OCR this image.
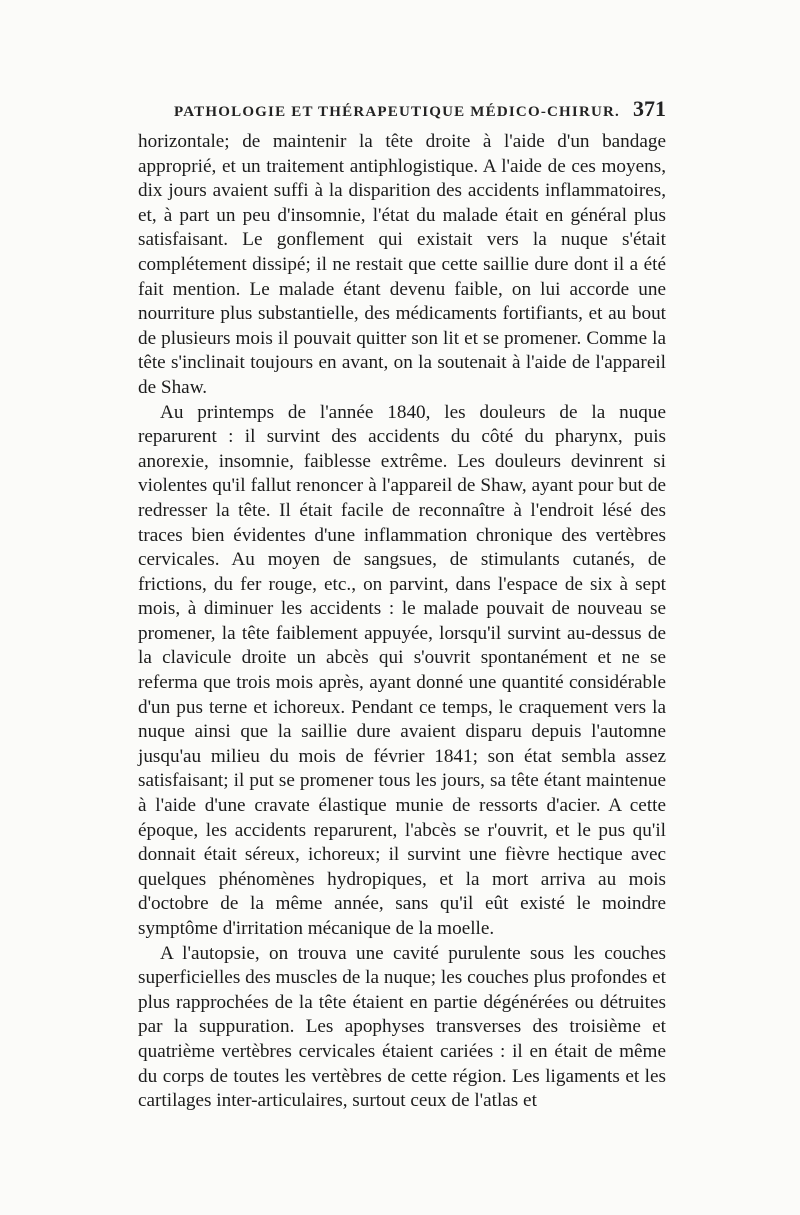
PATHOLOGIE ET THÉRAPEUTIQUE MÉDICO-CHIRUR. 371

horizontale; de maintenir la tête droite à l'aide d'un bandage approprié, et un traitement antiphlogistique. A l'aide de ces moyens, dix jours avaient suffi à la disparition des accidents inflammatoires, et, à part un peu d'insomnie, l'état du malade était en général plus satisfaisant. Le gonflement qui existait vers la nuque s'était complétement dissipé; il ne restait que cette saillie dure dont il a été fait mention. Le malade étant devenu faible, on lui accorde une nourriture plus substantielle, des médicaments fortifiants, et au bout de plusieurs mois il pouvait quitter son lit et se promener. Comme la tête s'inclinait toujours en avant, on la soutenait à l'aide de l'appareil de Shaw.

Au printemps de l'année 1840, les douleurs de la nuque reparurent : il survint des accidents du côté du pharynx, puis anorexie, insomnie, faiblesse extrême. Les douleurs devinrent si violentes qu'il fallut renoncer à l'appareil de Shaw, ayant pour but de redresser la tête. Il était facile de reconnaître à l'endroit lésé des traces bien évidentes d'une inflammation chronique des vertèbres cervicales. Au moyen de sangsues, de stimulants cutanés, de frictions, du fer rouge, etc., on parvint, dans l'espace de six à sept mois, à diminuer les accidents : le malade pouvait de nouveau se promener, la tête faiblement appuyée, lorsqu'il survint au-dessus de la clavicule droite un abcès qui s'ouvrit spontanément et ne se referma que trois mois après, ayant donné une quantité considérable d'un pus terne et ichoreux. Pendant ce temps, le craquement vers la nuque ainsi que la saillie dure avaient disparu depuis l'automne jusqu'au milieu du mois de février 1841; son état sembla assez satisfaisant; il put se promener tous les jours, sa tête étant maintenue à l'aide d'une cravate élastique munie de ressorts d'acier. A cette époque, les accidents reparurent, l'abcès se r'ouvrit, et le pus qu'il donnait était séreux, ichoreux; il survint une fièvre hectique avec quelques phénomènes hydropiques, et la mort arriva au mois d'octobre de la même année, sans qu'il eût existé le moindre symptôme d'irritation mécanique de la moelle.

A l'autopsie, on trouva une cavité purulente sous les couches superficielles des muscles de la nuque; les couches plus profondes et plus rapprochées de la tête étaient en partie dégénérées ou détruites par la suppuration. Les apophyses transverses des troisième et quatrième vertèbres cervicales étaient cariées : il en était de même du corps de toutes les vertèbres de cette région. Les ligaments et les cartilages inter-articulaires, surtout ceux de l'atlas et
